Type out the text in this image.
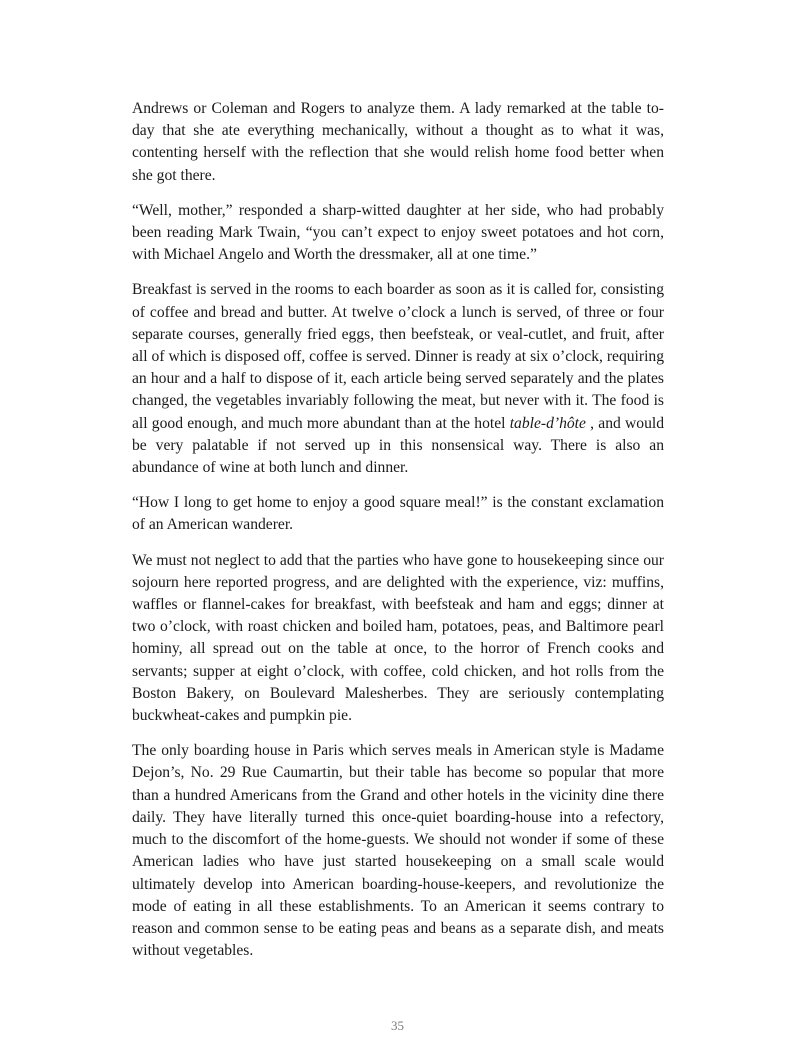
Andrews or Coleman and Rogers to analyze them. A lady remarked at the table to-day that she ate everything mechanically, without a thought as to what it was, contenting herself with the reflection that she would relish home food better when she got there.

“Well, mother,” responded a sharp-witted daughter at her side, who had probably been reading Mark Twain, “you can’t expect to enjoy sweet potatoes and hot corn, with Michael Angelo and Worth the dressmaker, all at one time.”

Breakfast is served in the rooms to each boarder as soon as it is called for, consisting of coffee and bread and butter. At twelve o’clock a lunch is served, of three or four separate courses, generally fried eggs, then beefsteak, or veal-cutlet, and fruit, after all of which is disposed off, coffee is served. Dinner is ready at six o’clock, requiring an hour and a half to dispose of it, each article being served separately and the plates changed, the vegetables invariably following the meat, but never with it. The food is all good enough, and much more abundant than at the hotel table-d’hôte , and would be very palatable if not served up in this nonsensical way. There is also an abundance of wine at both lunch and dinner.

“How I long to get home to enjoy a good square meal!” is the constant exclamation of an American wanderer.

We must not neglect to add that the parties who have gone to housekeeping since our sojourn here reported progress, and are delighted with the experience, viz: muffins, waffles or flannel-cakes for breakfast, with beefsteak and ham and eggs; dinner at two o’clock, with roast chicken and boiled ham, potatoes, peas, and Baltimore pearl hominy, all spread out on the table at once, to the horror of French cooks and servants; supper at eight o’clock, with coffee, cold chicken, and hot rolls from the Boston Bakery, on Boulevard Malesherbes. They are seriously contemplating buckwheat-cakes and pumpkin pie.

The only boarding house in Paris which serves meals in American style is Madame Dejon’s, No. 29 Rue Caumartin, but their table has become so popular that more than a hundred Americans from the Grand and other hotels in the vicinity dine there daily. They have literally turned this once-quiet boarding-house into a refectory, much to the discomfort of the home-guests. We should not wonder if some of these American ladies who have just started housekeeping on a small scale would ultimately develop into American boarding-house-keepers, and revolutionize the mode of eating in all these establishments. To an American it seems contrary to reason and common sense to be eating peas and beans as a separate dish, and meats without vegetables.

35
